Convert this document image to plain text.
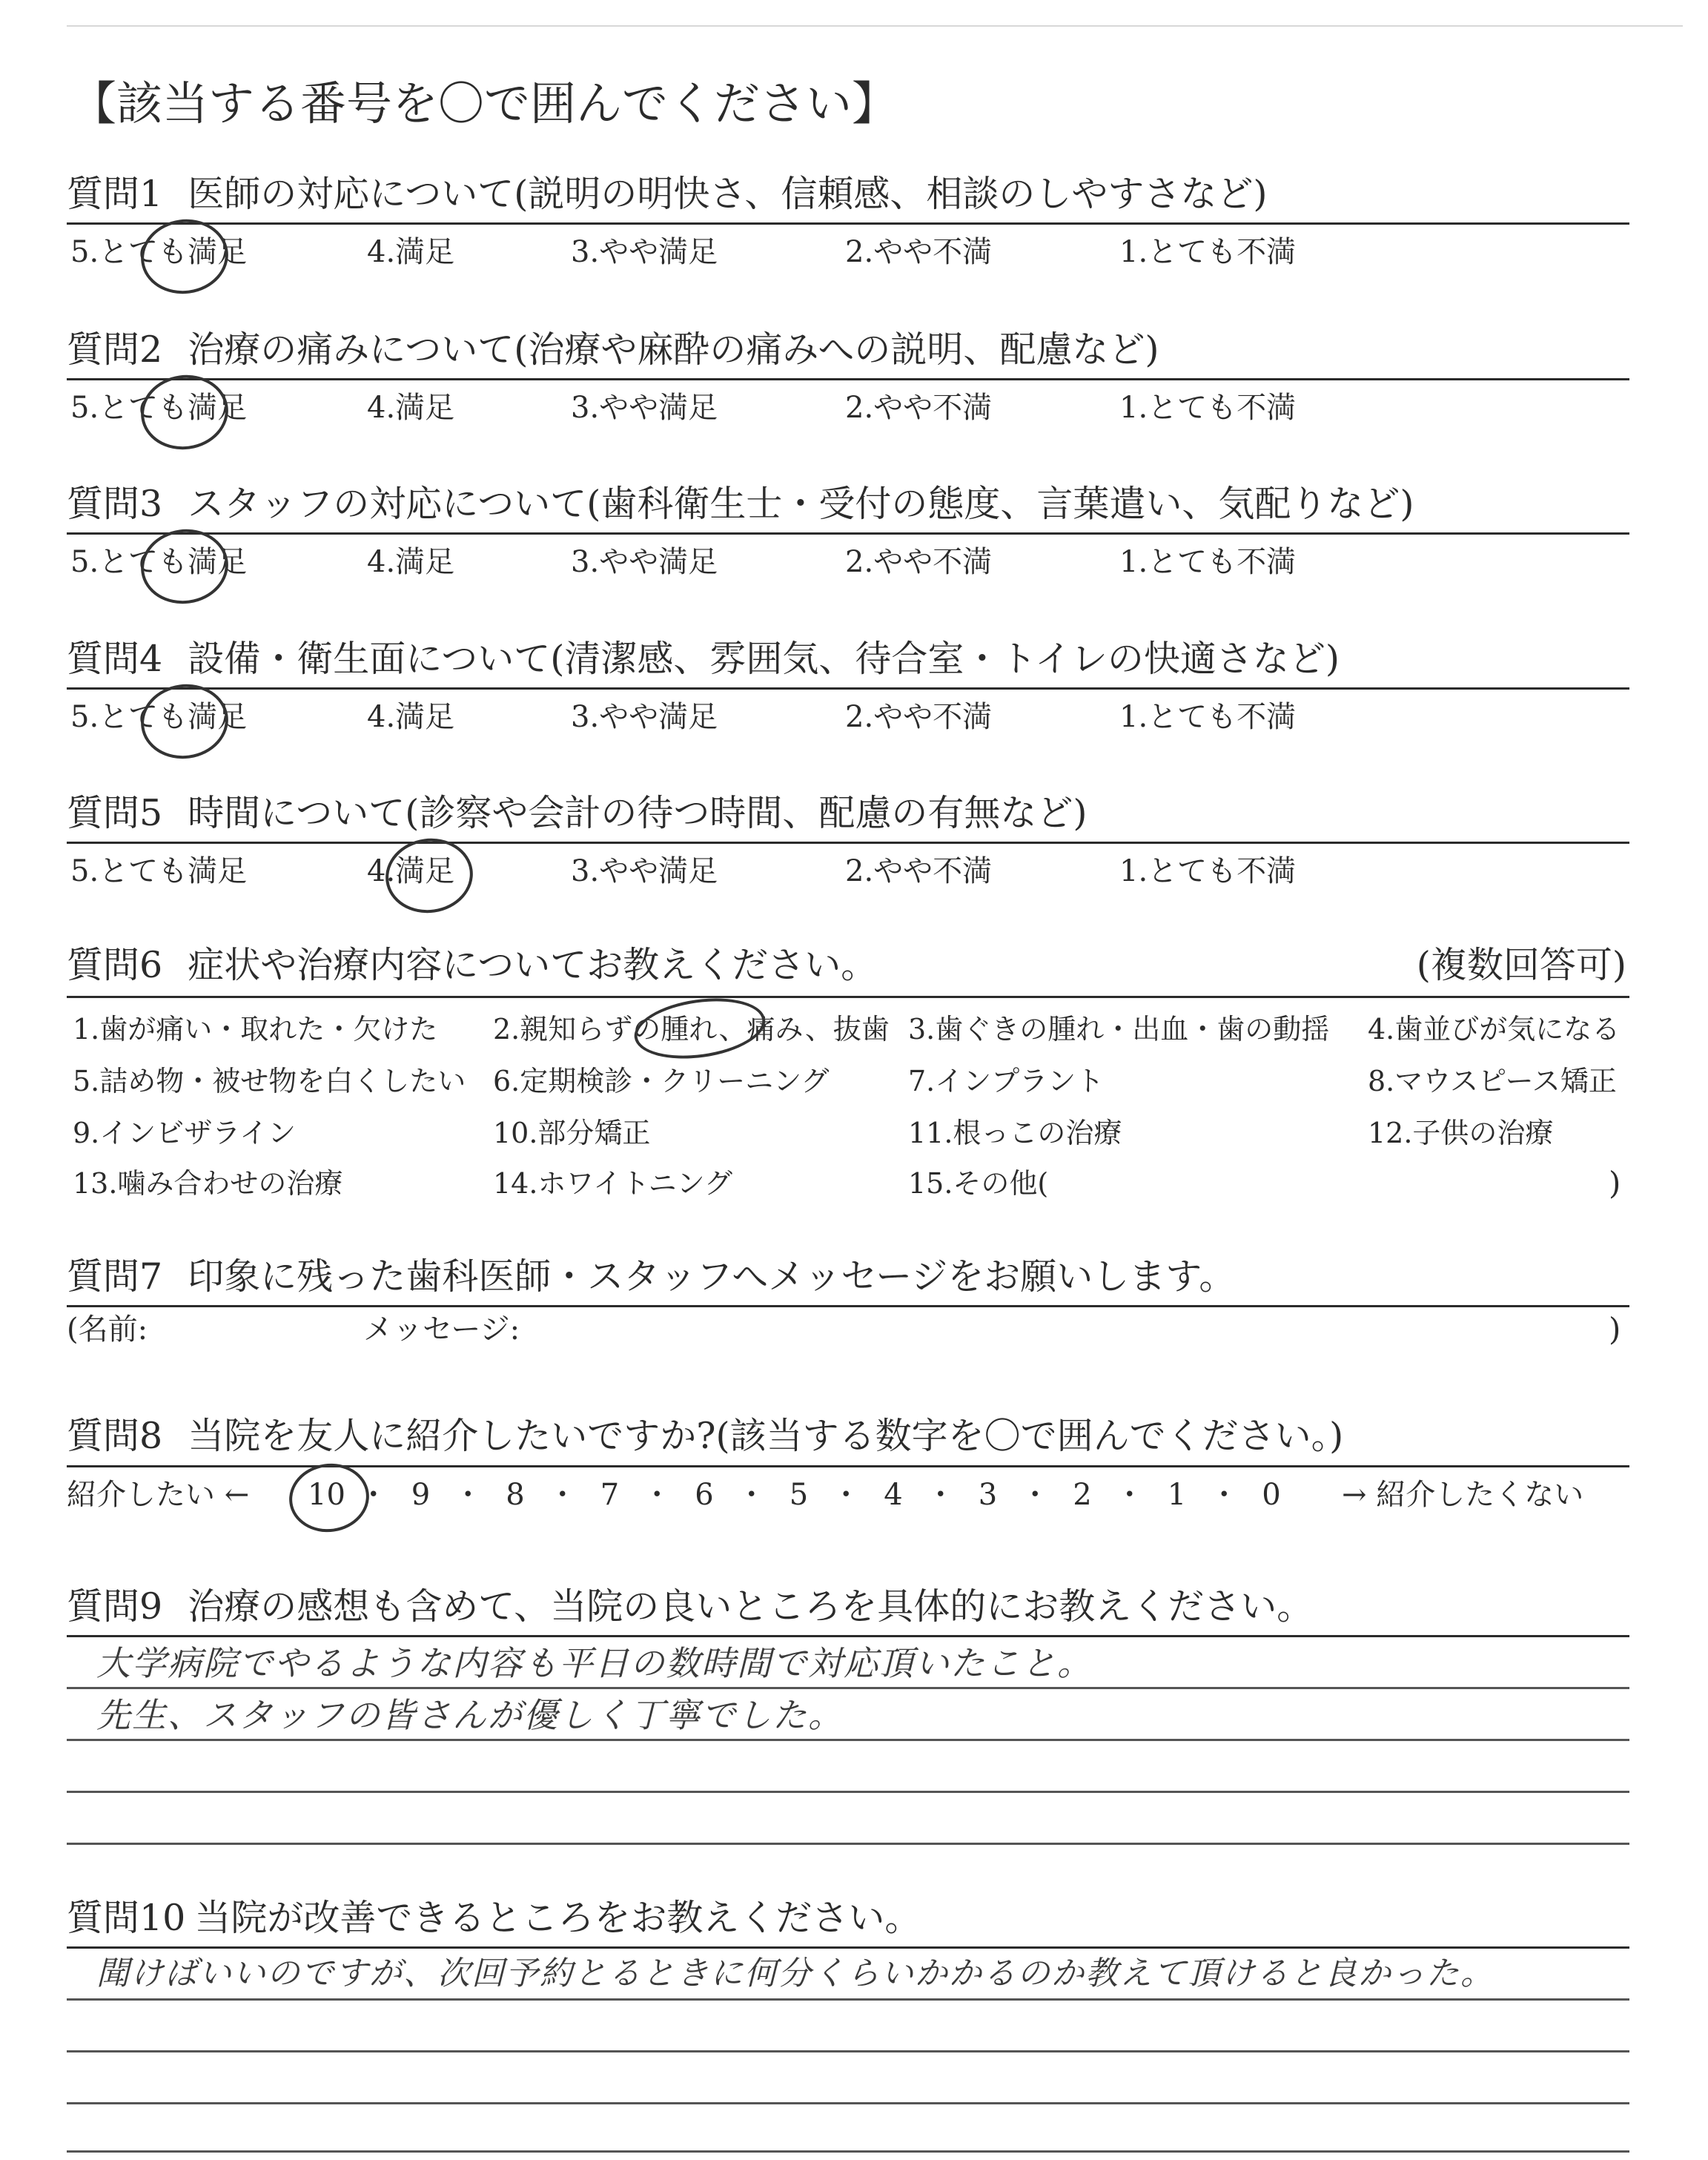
【該当する番号を〇で囲んでください】
質問1 医師の対応について(説明の明快さ、信頼感、相談のしやすさなど)
5.とても満足	4.満足	3.やや満足	2.やや不満	1.とても不満
質問2 治療の痛みについて(治療や麻酔の痛みへの説明、配慮など)
5.とても満足	4.満足	3.やや満足	2.やや不満	1.とても不満
質問3 スタッフの対応について(歯科衛生士・受付の態度、言葉遣い、気配りなど)
5.とても満足	4.満足	3.やや満足	2.やや不満	1.とても不満
質問4 設備・衛生面について(清潔感、雰囲気、待合室・トイレの快適さなど)
5.とても満足	4.満足	3.やや満足	2.やや不満	1.とても不満
質問5 時間について(診察や会計の待つ時間、配慮の有無など)
5.とても満足	4.満足	3.やや満足	2.やや不満	1.とても不満
質問6 症状や治療内容についてお教えください。	(複数回答可)
1.歯が痛い・取れた・欠けた 2.親知らずの腫れ、痛み、抜歯 3.歯ぐきの腫れ・出血・歯の動揺 4.歯並びが気になる
5.詰め物・被せ物を白くしたい 6.定期検診・クリーニング	7.インプラント	8.マウスピース矯正
9.インビザライン	10.部分矯正	11.根っこの治療	12.子供の治療
13.噛み合わせの治療	14.ホワイトニング	15.その他(	)
質問7 印象に残った歯科医師・スタッフへメッセージをお願いします。
(名前:	メッセージ:	)
質問8 当院を友人に紹介したいですか?(該当する数字を〇で囲んでください。)
紹介したい ←	→ 紹介したくない
10 ・ 9 ・ 8 ・ 7 ・ 6 ・ 5 ・ 4 ・ 3 ・ 2 ・ 1 ・ 0
質問9 治療の感想も含めて、当院の良いところを具体的にお教えください。
大学病院でやるような内容も平日の数時間で対応頂いたこと。
先生、スタッフの皆さんが優しく丁寧でした。
質問10 当院が改善できるところをお教えください。
聞けばいいのですが、次回予約とるときに何分くらいかかるのか教えて頂けると良かった。
